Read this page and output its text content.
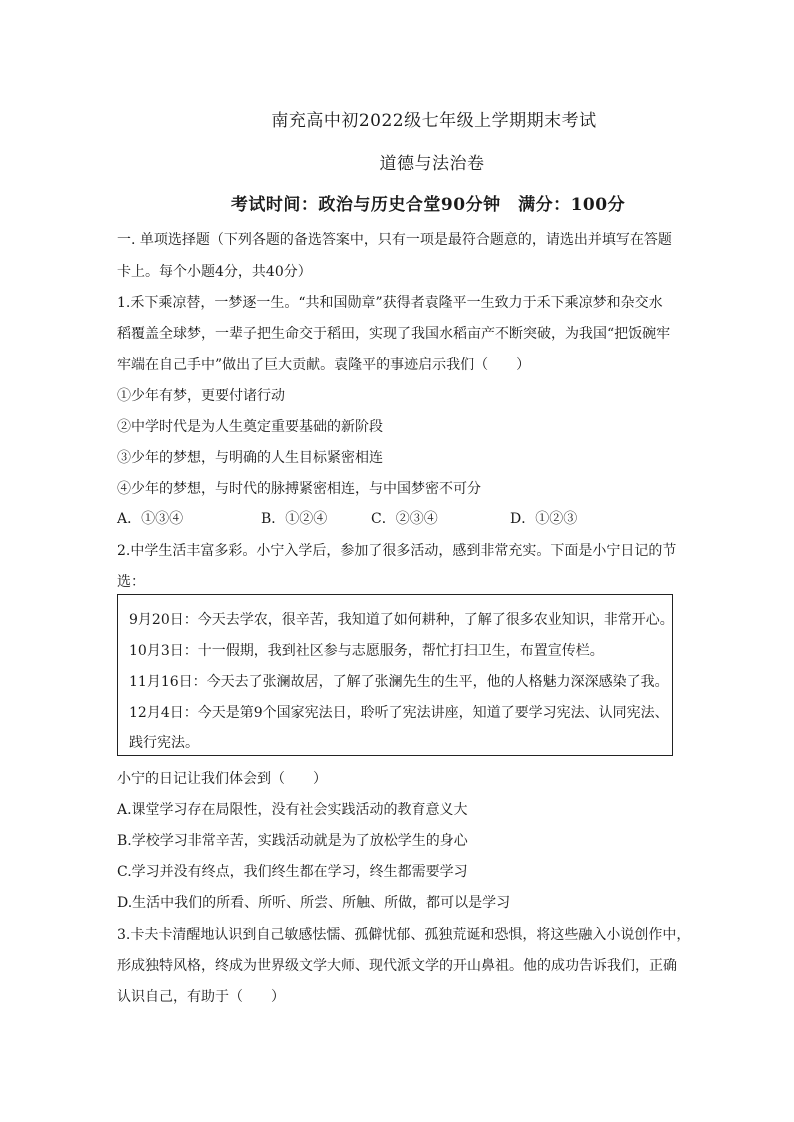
南充高中初2022级七年级上学期期末考试
道德与法治卷
考试时间：政治与历史合堂90分钟　满分：100分
一. 单项选择题（下列各题的备选答案中，只有一项是最符合题意的，请选出并填写在答题
卡上。每个小题4分，共40分）
1.禾下乘凉替，一梦逐一生。“共和国勋章”获得者袁隆平一生致力于禾下乘凉梦和杂交水
稻覆盖全球梦，一辈子把生命交于稻田，实现了我国水稻亩产不断突破，为我国“把饭碗牢
牢端在自己手中”做出了巨大贡献。袁隆平的事迹启示我们（　　）
①少年有梦，更要付诸行动
②中学时代是为人生奠定重要基础的新阶段
③少年的梦想，与明确的人生目标紧密相连
④少年的梦想，与时代的脉搏紧密相连，与中国梦密不可分
A．①③④	B．①②④	C．②③④	D．①②③
2.中学生活丰富多彩。小宁入学后，参加了很多活动，感到非常充实。下面是小宁日记的节
选：
9月20日：今天去学农，很辛苦，我知道了如何耕种，了解了很多农业知识，非常开心。
10月3日：十一假期，我到社区参与志愿服务，帮忙打扫卫生，布置宣传栏。
11月16日：今天去了张澜故居，了解了张澜先生的生平，他的人格魅力深深感染了我。
12月4日：今天是第9个国家宪法日，聆听了宪法讲座，知道了要学习宪法、认同宪法、
践行宪法。
小宁的日记让我们体会到（　　）
A.课堂学习存在局限性，没有社会实践活动的教育意义大
B.学校学习非常辛苦，实践活动就是为了放松学生的身心
C.学习并没有终点，我们终生都在学习，终生都需要学习
D.生活中我们的所看、所听、所尝、所触、所做，都可以是学习
3.卡夫卡清醒地认识到自己敏感怯懦、孤僻忧郁、孤独荒诞和恐惧，将这些融入小说创作中，
形成独特风格，终成为世界级文学大师、现代派文学的开山鼻祖。他的成功告诉我们，正确
认识自己，有助于（　　）
